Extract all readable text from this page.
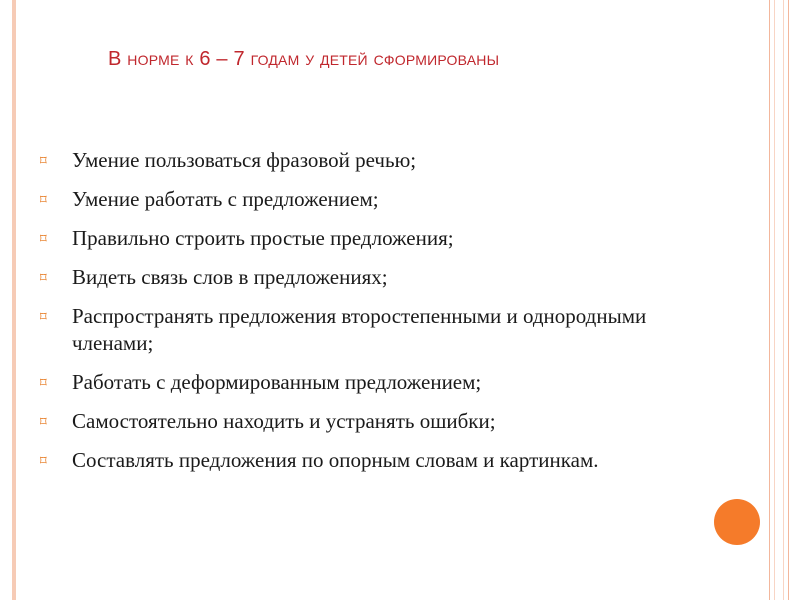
В норме к 6 – 7 годам у детей сформированы
⌑ Умение пользоваться фразовой речью;
⌑ Умение работать с предложением;
⌑ Правильно строить простые предложения;
⌑ Видеть связь слов в предложениях;
⌑ Распространять предложения второстепенными и однородными членами;
⌑ Работать с деформированным предложением;
⌑ Самостоятельно находить и устранять ошибки;
⌑ Составлять предложения по опорным словам и картинкам.
